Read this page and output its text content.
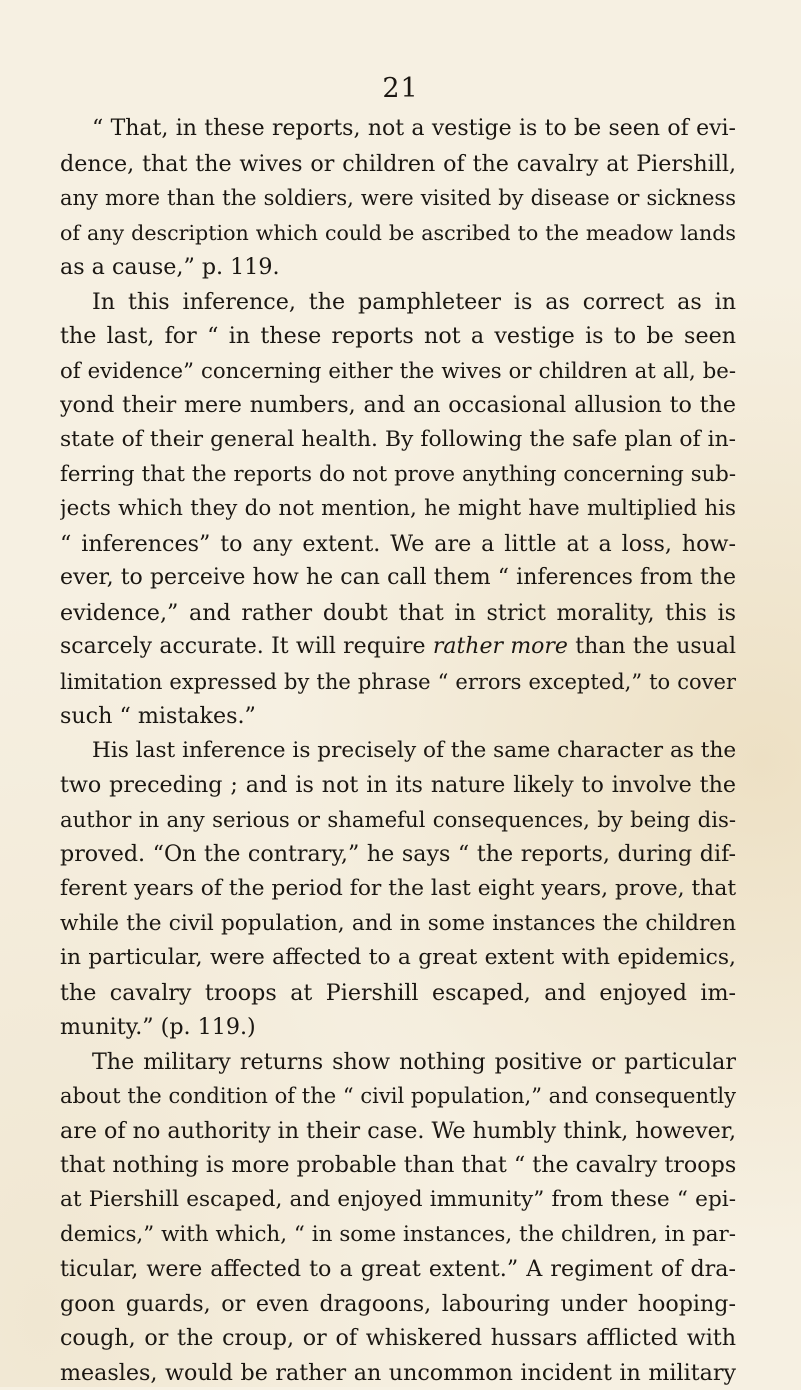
21
“ That, in these reports, not a vestige is to be seen of evi-
dence, that the wives or children of the cavalry at Piershill,
any more than the soldiers, were visited by disease or sickness
of any description which could be ascribed to the meadow lands
as a cause,” p. 119.
In this inference, the pamphleteer is as correct as in
the last, for “ in these reports not a vestige is to be seen
of evidence” concerning either the wives or children at all, be-
yond their mere numbers, and an occasional allusion to the
state of their general health. By following the safe plan of in-
ferring that the reports do not prove anything concerning sub-
jects which they do not mention, he might have multiplied his
“ inferences” to any extent. We are a little at a loss, how-
ever, to perceive how he can call them “ inferences from the
evidence,” and rather doubt that in strict morality, this is
scarcely accurate. It will require rather more than the usual
limitation expressed by the phrase “ errors excepted,” to cover
such “ mistakes.”
His last inference is precisely of the same character as the
two preceding ; and is not in its nature likely to involve the
author in any serious or shameful consequences, by being dis-
proved. “On the contrary,” he says “ the reports, during dif-
ferent years of the period for the last eight years, prove, that
while the civil population, and in some instances the children
in particular, were affected to a great extent with epidemics,
the cavalry troops at Piershill escaped, and enjoyed im-
munity.” (p. 119.)
The military returns show nothing positive or particular
about the condition of the “ civil population,” and consequently
are of no authority in their case. We humbly think, however,
that nothing is more probable than that “ the cavalry troops
at Piershill escaped, and enjoyed immunity” from these “ epi-
demics,” with which, “ in some instances, the children, in par-
ticular, were affected to a great extent.” A regiment of dra-
goon guards, or even dragoons, labouring under hooping-
cough, or the croup, or of whiskered hussars afflicted with
measles, would be rather an uncommon incident in military
